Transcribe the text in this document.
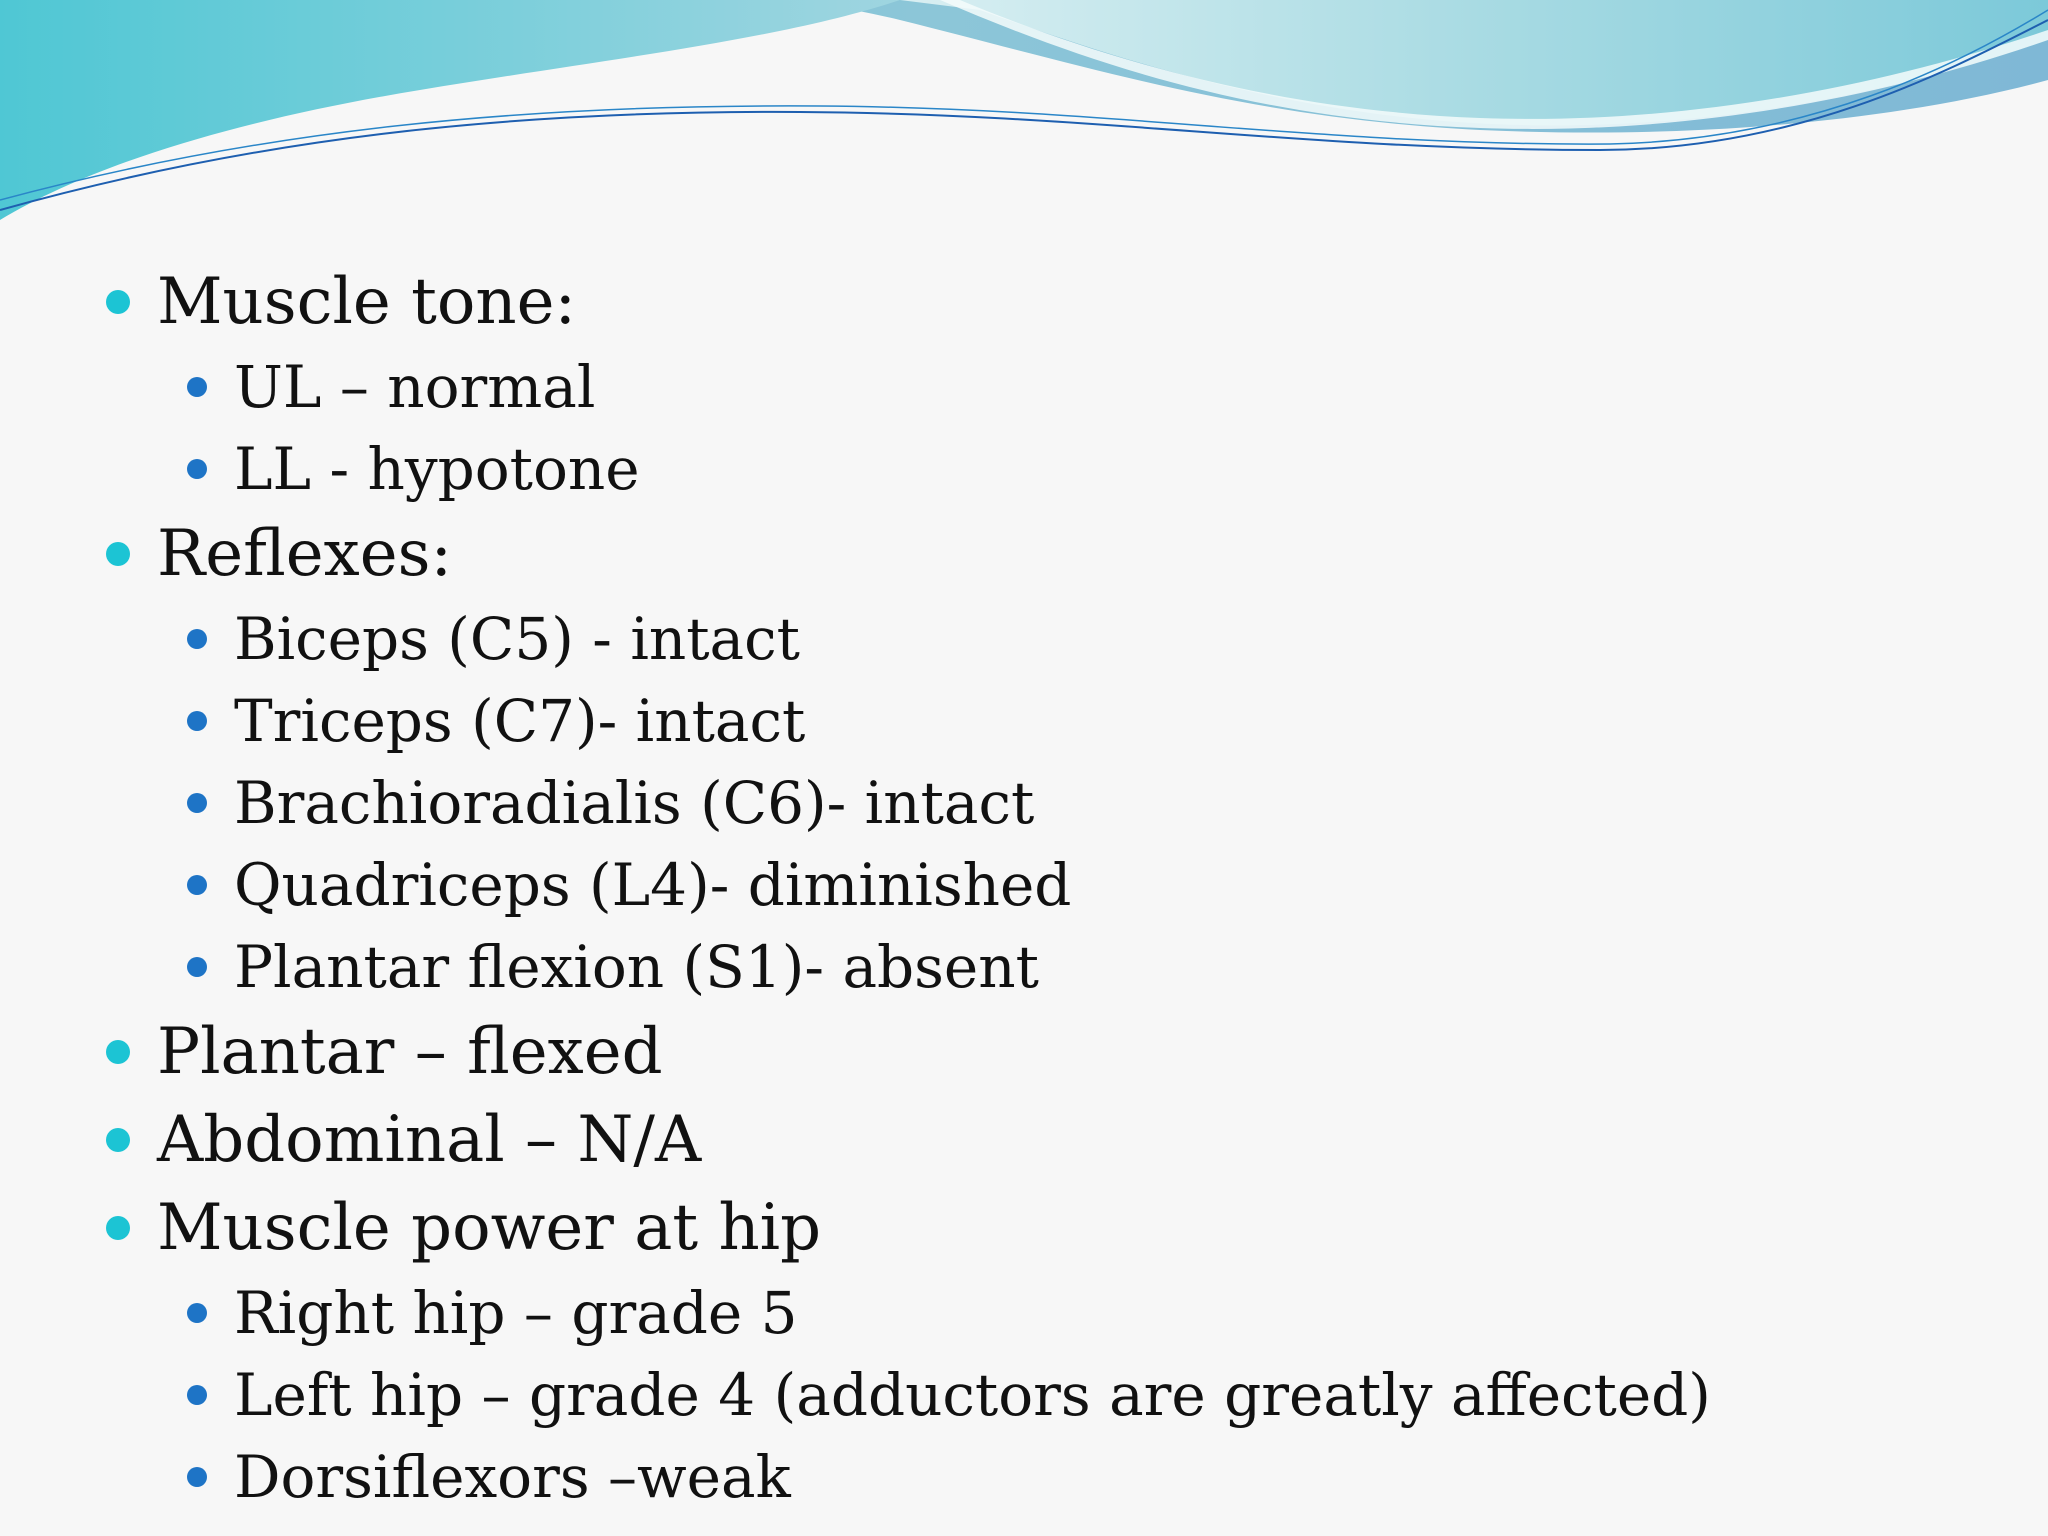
Muscle tone:
UL – normal
LL - hypotone
Reflexes:
Biceps (C5) - intact
Triceps (C7)- intact
Brachioradialis (C6)- intact
Quadriceps (L4)- diminished
Plantar flexion (S1)- absent
Plantar – flexed
Abdominal – N/A
Muscle power at hip
Right hip – grade 5
Left hip – grade 4 (adductors are greatly affected)
Dorsiflexors –weak
